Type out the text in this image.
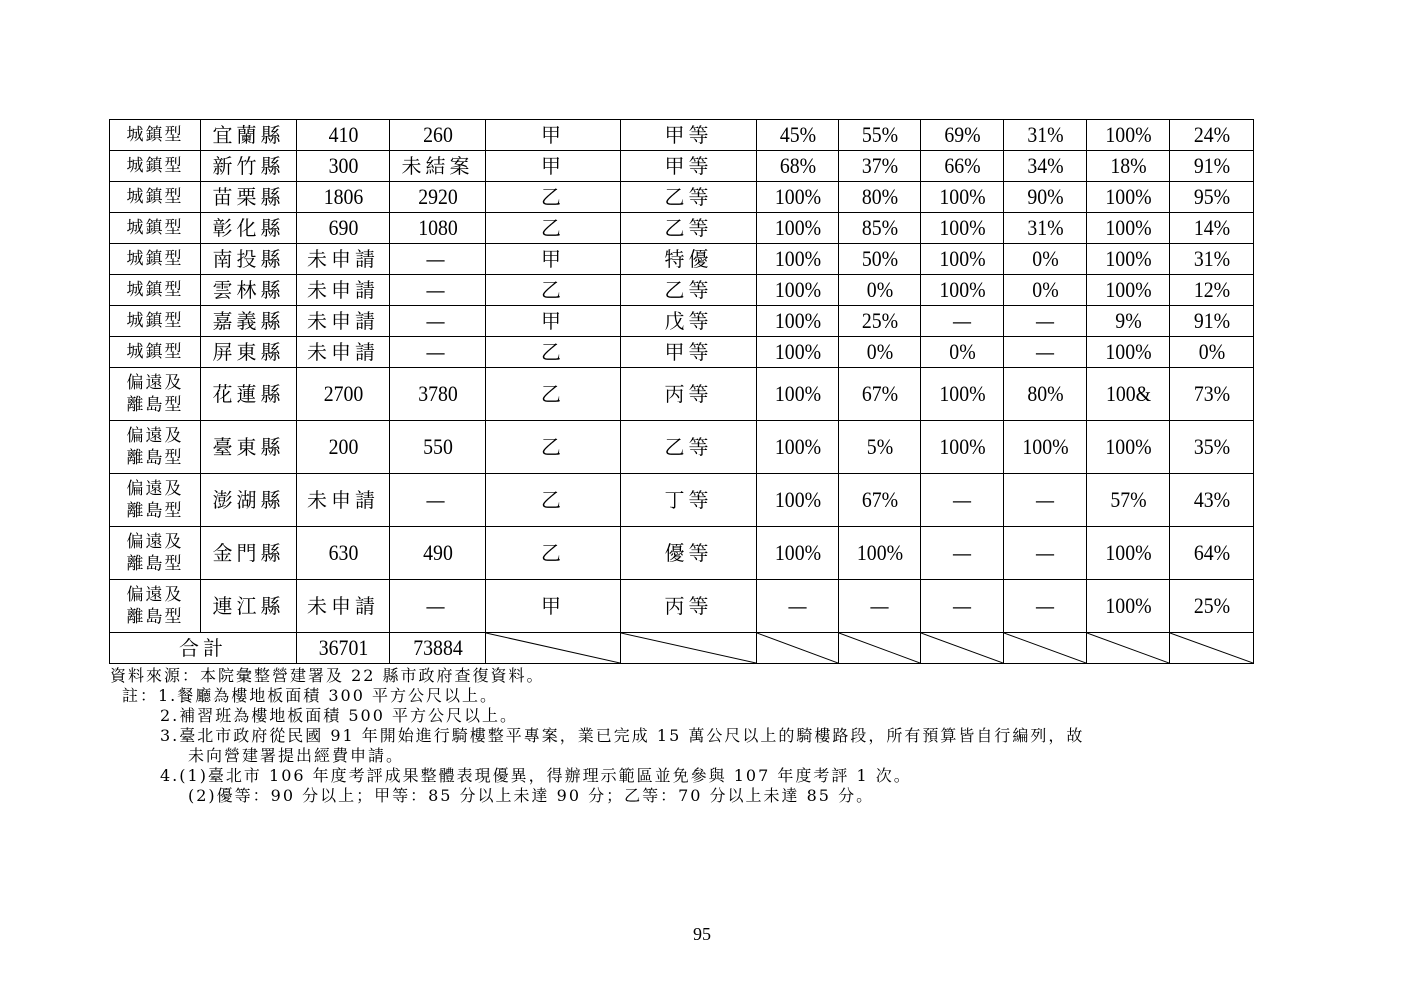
城鎮型	宜蘭縣	410	260	甲	甲等	45%	55%	69%	31%	100%	24%

城鎮型	新竹縣	300	未結案	甲	甲等	68%	37%	66%	34%	18%	91%

城鎮型	苗栗縣	1806	2920	乙	乙等	100%	80%	100%	90%	100%	95%

城鎮型	彰化縣	690	1080	乙	乙等	100%	85%	100%	31%	100%	14%

城鎮型	南投縣	未申請	—	甲	特優	100%	50%	100%	0%	100%	31%

城鎮型	雲林縣	未申請	—	乙	乙等	100%	0%	100%	0%	100%	12%

城鎮型	嘉義縣	未申請	—	甲	戊等	100%	25%	—	—	9%	91%

城鎮型	屏東縣	未申請	—	乙	甲等	100%	0%	0%	—	100%	0%

偏遠及
離島型	花蓮縣	2700	3780	乙	丙等	100%	67%	100%	80%	100&	73%

偏遠及
離島型	臺東縣	200	550	乙	乙等	100%	5%	100%	100%	100%	35%

偏遠及
離島型	澎湖縣	未申請	—	乙	丁等	100%	67%	—	—	57%	43%

偏遠及
離島型	金門縣	630	490	乙	優等	100%	100%	—	—	100%	64%

偏遠及
離島型	連江縣	未申請	—	甲	丙等	—	—	—	—	100%	25%
合計		36701	73884	

資料來源：本院彙整營建署及 22 縣市政府查復資料。
註：1.餐廳為樓地板面積 300 平方公尺以上。
2.補習班為樓地板面積 500 平方公尺以上。
3.臺北市政府從民國 91 年開始進行騎樓整平專案，業已完成 15 萬公尺以上的騎樓路段，所有預算皆自行編列，故
未向營建署提出經費申請。
4.(1)臺北市 106 年度考評成果整體表現優異，得辦理示範區並免參與 107 年度考評 1 次。
(2)優等：90 分以上；甲等：85 分以上未達 90 分；乙等：70 分以上未達 85 分。
95
